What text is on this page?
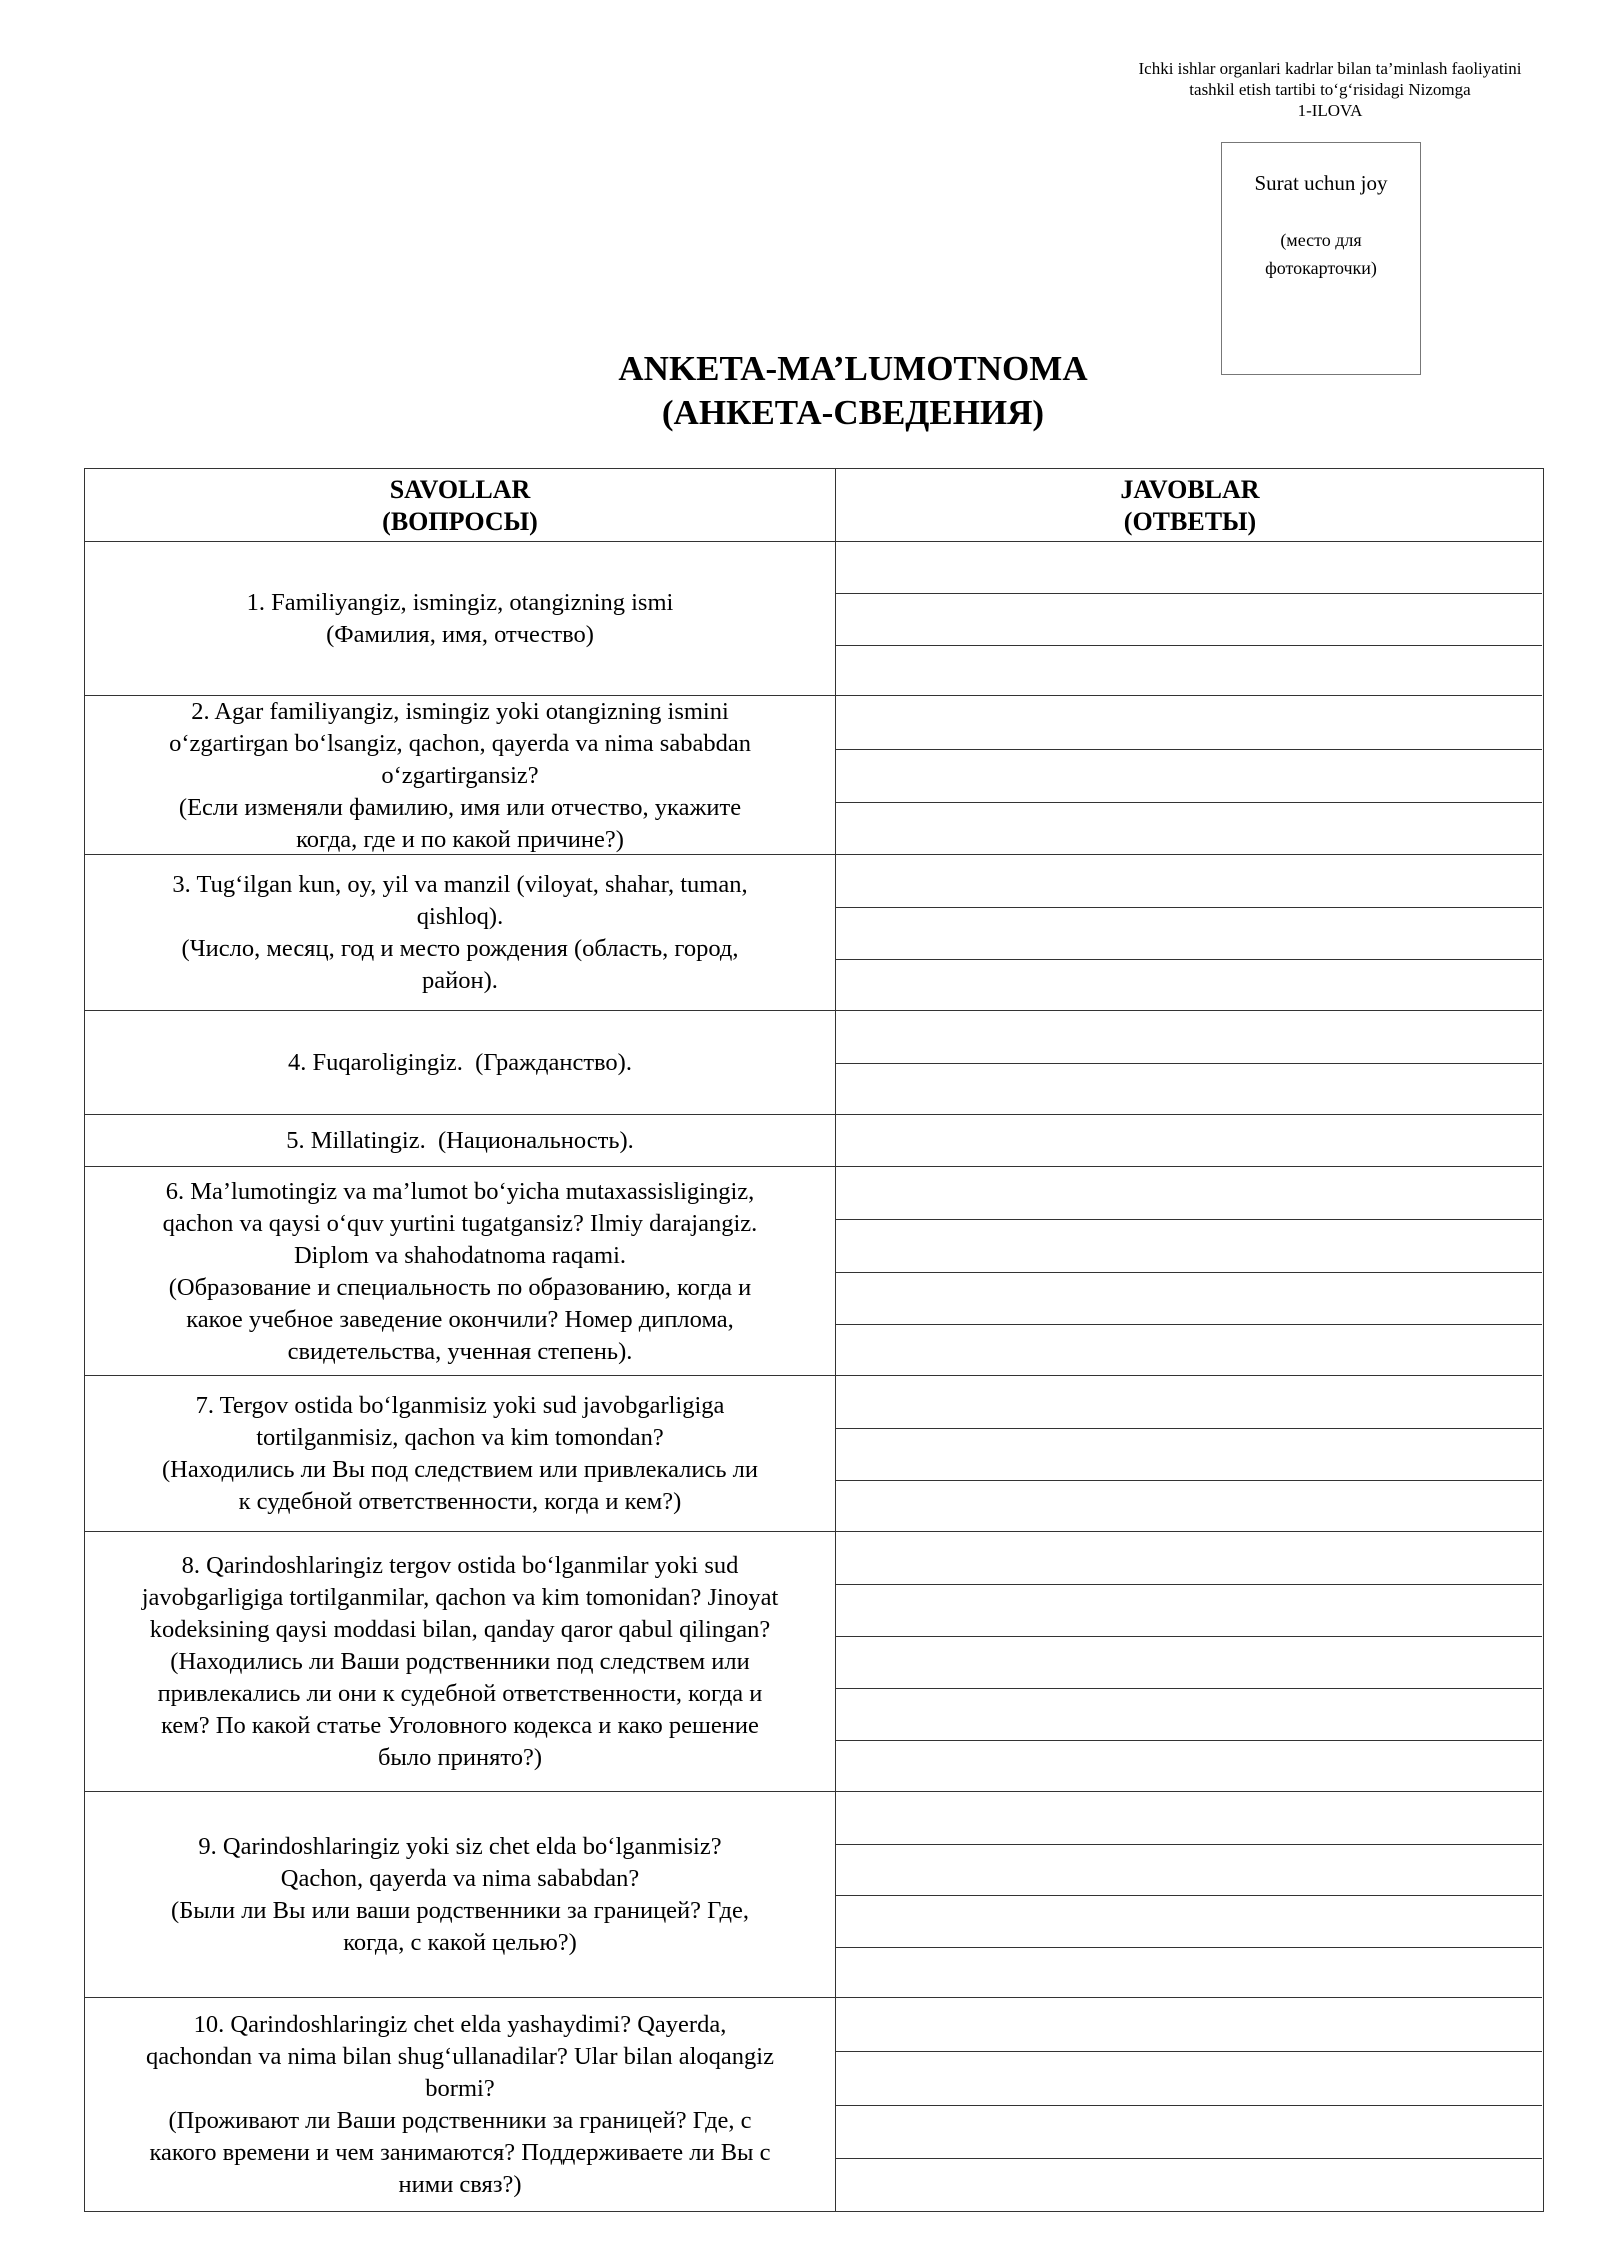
Ichki ishlar organlari kadrlar bilan ta’minlash faoliyatini
tashkil etish tartibi to‘g‘risidagi Nizomga
1-ILOVA
Surat uchun joy
(место для фотокарточки)
ANKETA-MA’LUMOTNOMA
(АНКЕТА-СВЕДЕНИЯ)
SAVOLLAR
(ВОПРОСЫ)
JAVOBLAR
(ОТВЕТЫ)
1. Familiyangiz, ismingiz, otangizning ismi
(Фамилия, имя, отчество)
2. Agar familiyangiz, ismingiz yoki otangizning ismini
o‘zgartirgan bo‘lsangiz, qachon, qayerda va nima sababdan
o‘zgartirgansiz?
(Если изменяли фамилию, имя или отчество, укажите
когда, где и по какой причине?)
3. Tug‘ilgan kun, oy, yil va manzil (viloyat, shahar, tuman,
qishloq).
(Число, месяц, год и место рождения (область, город,
район).
4. Fuqaroligingiz.  (Гражданство).
5. Millatingiz.  (Национальность).
6. Ma’lumotingiz va ma’lumot bo‘yicha mutaxassisligingiz,
qachon va qaysi o‘quv yurtini tugatgansiz? Ilmiy darajangiz.
Diplom va shahodatnoma raqami.
(Образование и специальность по образованию, когда и
какое учебное заведение окончили? Номер диплома,
свидетельства, ученная степень).
7. Tergov ostida bo‘lganmisiz yoki sud javobgarligiga
tortilganmisiz, qachon va kim tomondan?
(Находились ли Вы под следствием или привлекались ли
к судебной ответственности, когда и кем?)
8. Qarindoshlaringiz tergov ostida bo‘lganmilar yoki sud
javobgarligiga tortilganmilar, qachon va kim tomonidan? Jinoyat
kodeksining qaysi moddasi bilan, qanday qaror qabul qilingan?
(Находились ли Ваши родственники под следствем или
привлекались ли они к судебной ответственности, когда и
кем? По какой статье Уголовного кодекса и како решение
было принято?)
9. Qarindoshlaringiz yoki siz chet elda bo‘lganmisiz?
Qachon, qayerda va nima sababdan?
(Были ли Вы или ваши родственники за границей? Где,
когда, с какой целью?)
10. Qarindoshlaringiz chet elda yashaydimi? Qayerda,
qachondan va nima bilan shug‘ullanadilar? Ular bilan aloqangiz
bormi?
(Проживают ли Ваши родственники за границей? Где, с
какого времени и чем занимаются? Поддерживаете ли Вы с
ними связ?)
